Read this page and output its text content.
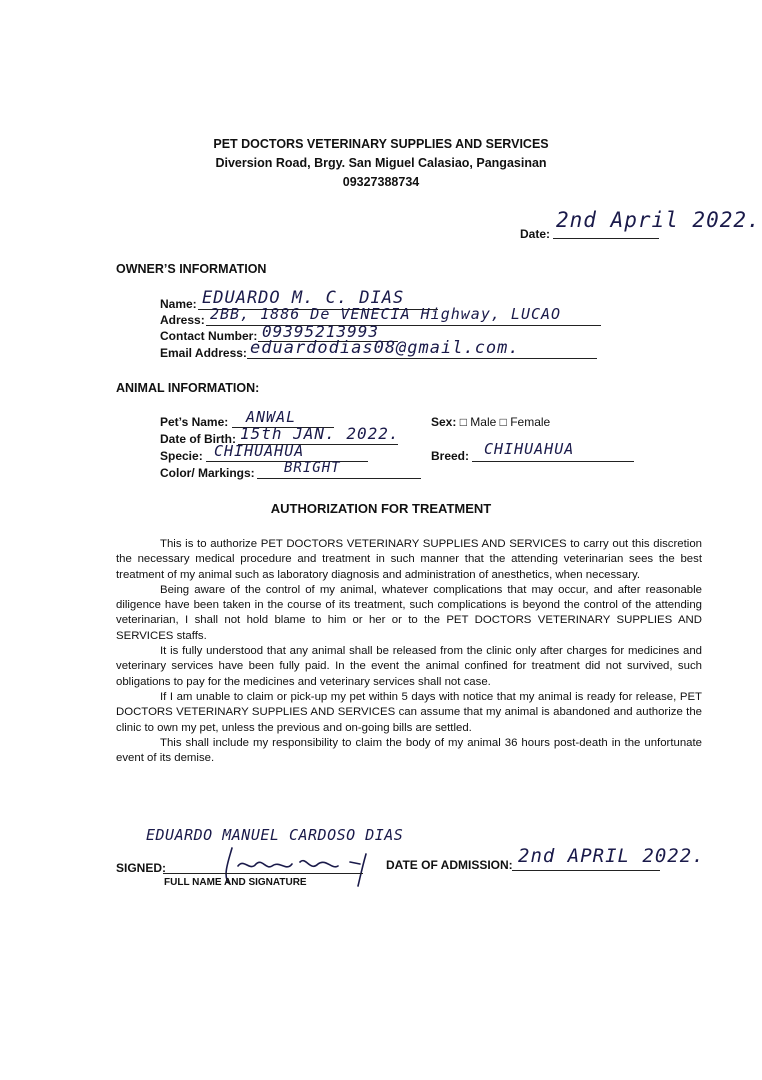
PET DOCTORS VETERINARY SUPPLIES AND SERVICES
Diversion Road, Brgy. San Miguel Calasiao, Pangasinan
09327388734
Date:
2nd April 2022.
OWNER’S INFORMATION
Name: EDUARDO M. C. DIAS
Adress: 2BB, 1886 De VENECIA Highway, LUCAO
Contact Number: 09395213993
Email Address: eduardodias08@gmail.com.
ANIMAL INFORMATION:
Pet’s Name: ANWAL
Date of Birth: 15th JAN. 2022.
Specie: CHIHUAHUA
Color/ Markings: BRIGHT
Sex: □ Male □ Female
Breed: CHIHUAHUA
AUTHORIZATION FOR TREATMENT

This is to authorize PET DOCTORS VETERINARY SUPPLIES AND SERVICES to carry out this discretion the necessary medical procedure and treatment in such manner that the attending veterinarian sees the best treatment of my animal such as laboratory diagnosis and administration of anesthetics, when necessary.

Being aware of the control of my animal, whatever complications that may occur, and after reasonable diligence have been taken in the course of its treatment, such complications is beyond the control of the attending veterinarian, I shall not hold blame to him or her or to the PET DOCTORS VETERINARY SUPPLIES AND SERVICES staffs.

It is fully understood that any animal shall be released from the clinic only after charges for medicines and veterinary services have been fully paid. In the event the animal confined for treatment did not survived, such obligations to pay for the medicines and veterinary services shall not case.

If I am unable to claim or pick-up my pet within 5 days with notice that my animal is ready for release, PET DOCTORS VETERINARY SUPPLIES AND SERVICES can assume that my animal is abandoned and authorize the clinic to own my pet, unless the previous and on-going bills are settled.

This shall include my responsibility to claim the body of my animal 36 hours post-death in the unfortunate event of its demise.

EDUARDO MANUEL CARDOSO DIAS
SIGNED:
FULL NAME AND SIGNATURE
DATE OF ADMISSION: 2nd APRIL 2022.
